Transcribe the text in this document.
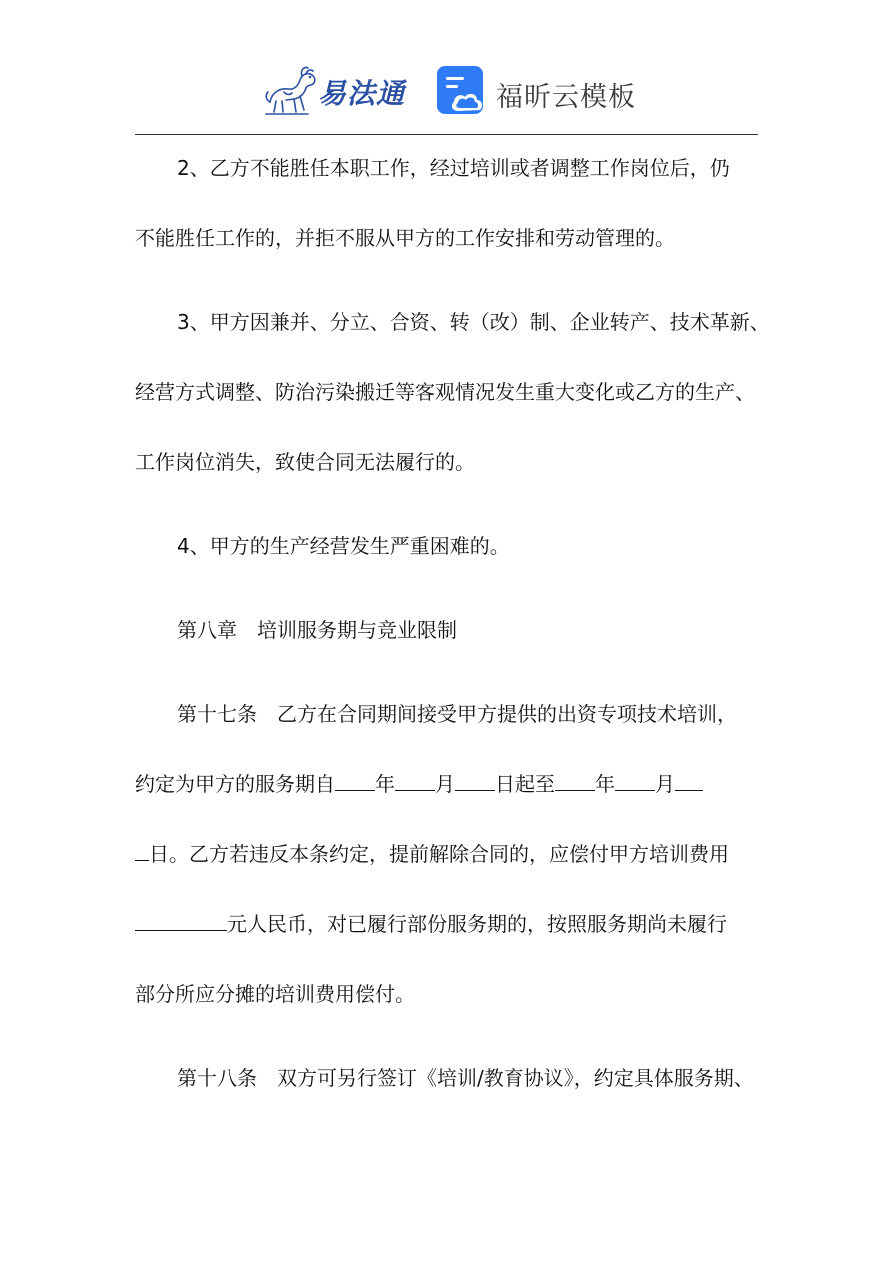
易法通	福昕云模板
2、乙方不能胜任本职工作，经过培训或者调整工作岗位后，仍
不能胜任工作的，并拒不服从甲方的工作安排和劳动管理的。
3、甲方因兼并、分立、合资、转（改）制、企业转产、技术革新、
经营方式调整、防治污染搬迁等客观情况发生重大变化或乙方的生产、
工作岗位消失，致使合同无法履行的。
4、甲方的生产经营发生严重困难的。
第八章 培训服务期与竞业限制
第十七条 乙方在合同期间接受甲方提供的出资专项技术培训，
约定为甲方的服务期自 年 月 日起至 年 月
日。乙方若违反本条约定，提前解除合同的，应偿付甲方培训费用
元人民币，对已履行部份服务期的，按照服务期尚未履行
部分所应分摊的培训费用偿付。
第十八条 双方可另行签订《培训/教育协议》，约定具体服务期、
